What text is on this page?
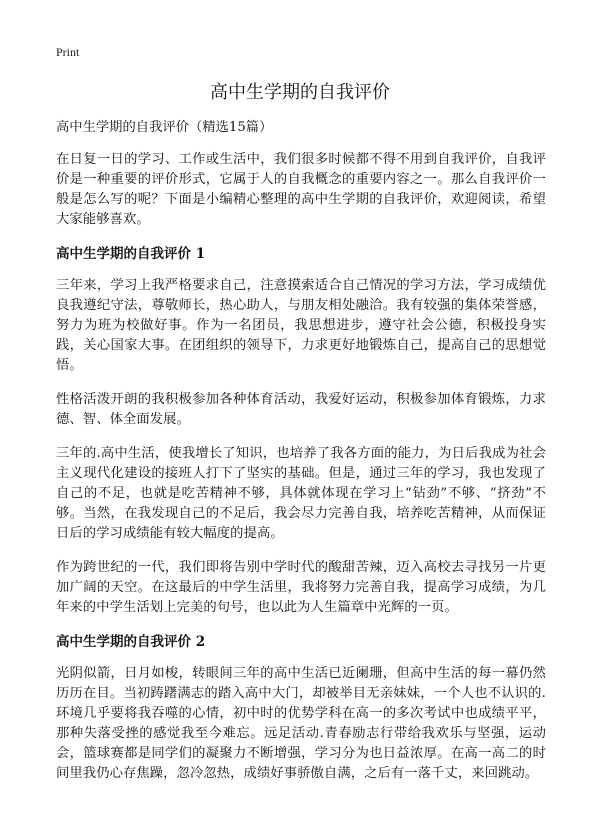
Print
高中生学期的自我评价

高中生学期的自我评价（精选15篇）

在日复一日的学习、工作或生活中，我们很多时候都不得不用到自我评价，自我评价是一种重要的评价形式，它属于人的自我概念的重要内容之一。那么自我评价一般是怎么写的呢？下面是小编精心整理的高中生学期的自我评价，欢迎阅读，希望大家能够喜欢。

高中生学期的自我评价 1

三年来，学习上我严格要求自己，注意摸索适合自己情况的学习方法，学习成绩优良我遵纪守法，尊敬师长，热心助人，与朋友相处融洽。我有较强的集体荣誉感，努力为班为校做好事。作为一名团员，我思想进步，遵守社会公德，积极投身实践，关心国家大事。在团组织的领导下，力求更好地锻炼自己，提高自己的思想觉悟。

性格活泼开朗的我积极参加各种体育活动，我爱好运动，积极参加体育锻炼，力求德、智、体全面发展。

三年的.高中生活，使我增长了知识，也培养了我各方面的能力，为日后我成为社会主义现代化建设的接班人打下了坚实的基础。但是，通过三年的学习，我也发现了自己的不足，也就是吃苦精神不够，具体就体现在学习上“钻劲”不够、“挤劲”不够。当然，在我发现自己的不足后，我会尽力完善自我，培养吃苦精神，从而保证日后的学习成绩能有较大幅度的提高。

作为跨世纪的一代，我们即将告别中学时代的酸甜苦辣，迈入高校去寻找另一片更加广阔的天空。在这最后的中学生活里，我将努力完善自我，提高学习成绩，为几年来的中学生活划上完美的句号，也以此为人生篇章中光辉的一页。

高中生学期的自我评价 2

光阴似箭，日月如梭，转眼间三年的高中生活已近阑珊，但高中生活的每一幕仍然历历在目。当初踌躇满志的踏入高中大门，却被举目无亲妹妹，一个人也不认识的.环境几乎要将我吞噬的心情，初中时的优势学科在高一的多次考试中也成绩平平，那种失落受挫的感觉我至今难忘。远足活动.青春励志行带给我欢乐与坚强，运动会，篮球赛都是同学们的凝聚力不断增强，学习分为也日益浓厚。在高一高二的时间里我仍心存焦躁，忽冷忽热，成绩好事骄傲自满，之后有一落千丈，来回跳动。
